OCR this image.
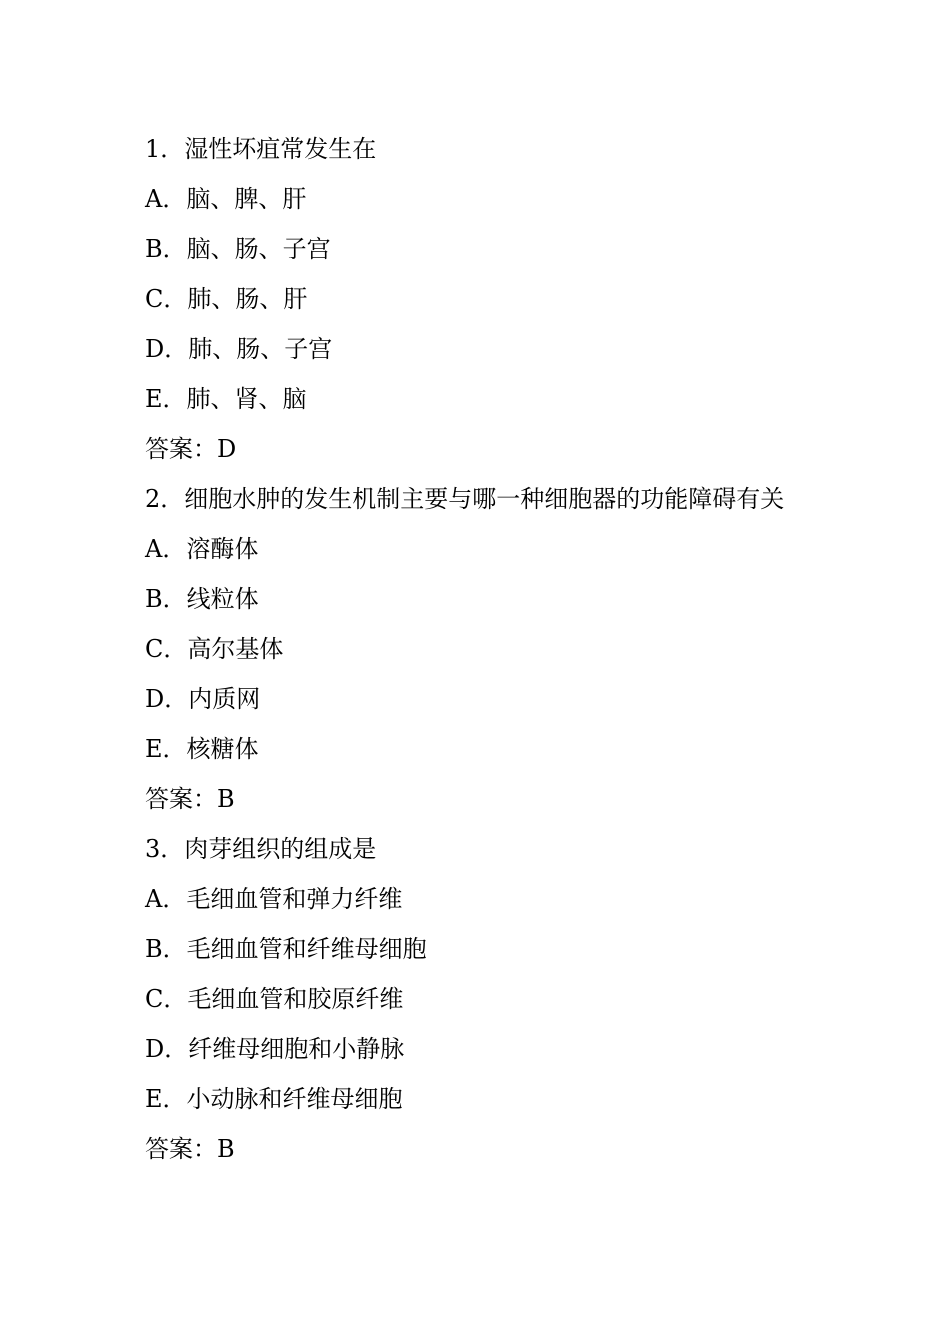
1．湿性坏疽常发生在
A．脑、脾、肝
B．脑、肠、子宫
C．肺、肠、肝
D．肺、肠、子宫
E．肺、肾、脑
答案：D
2．细胞水肿的发生机制主要与哪一种细胞器的功能障碍有关
A．溶酶体
B．线粒体
C．高尔基体
D．内质网
E．核糖体
答案：B
3．肉芽组织的组成是
A．毛细血管和弹力纤维
B．毛细血管和纤维母细胞
C．毛细血管和胶原纤维
D．纤维母细胞和小静脉
E．小动脉和纤维母细胞
答案：B
